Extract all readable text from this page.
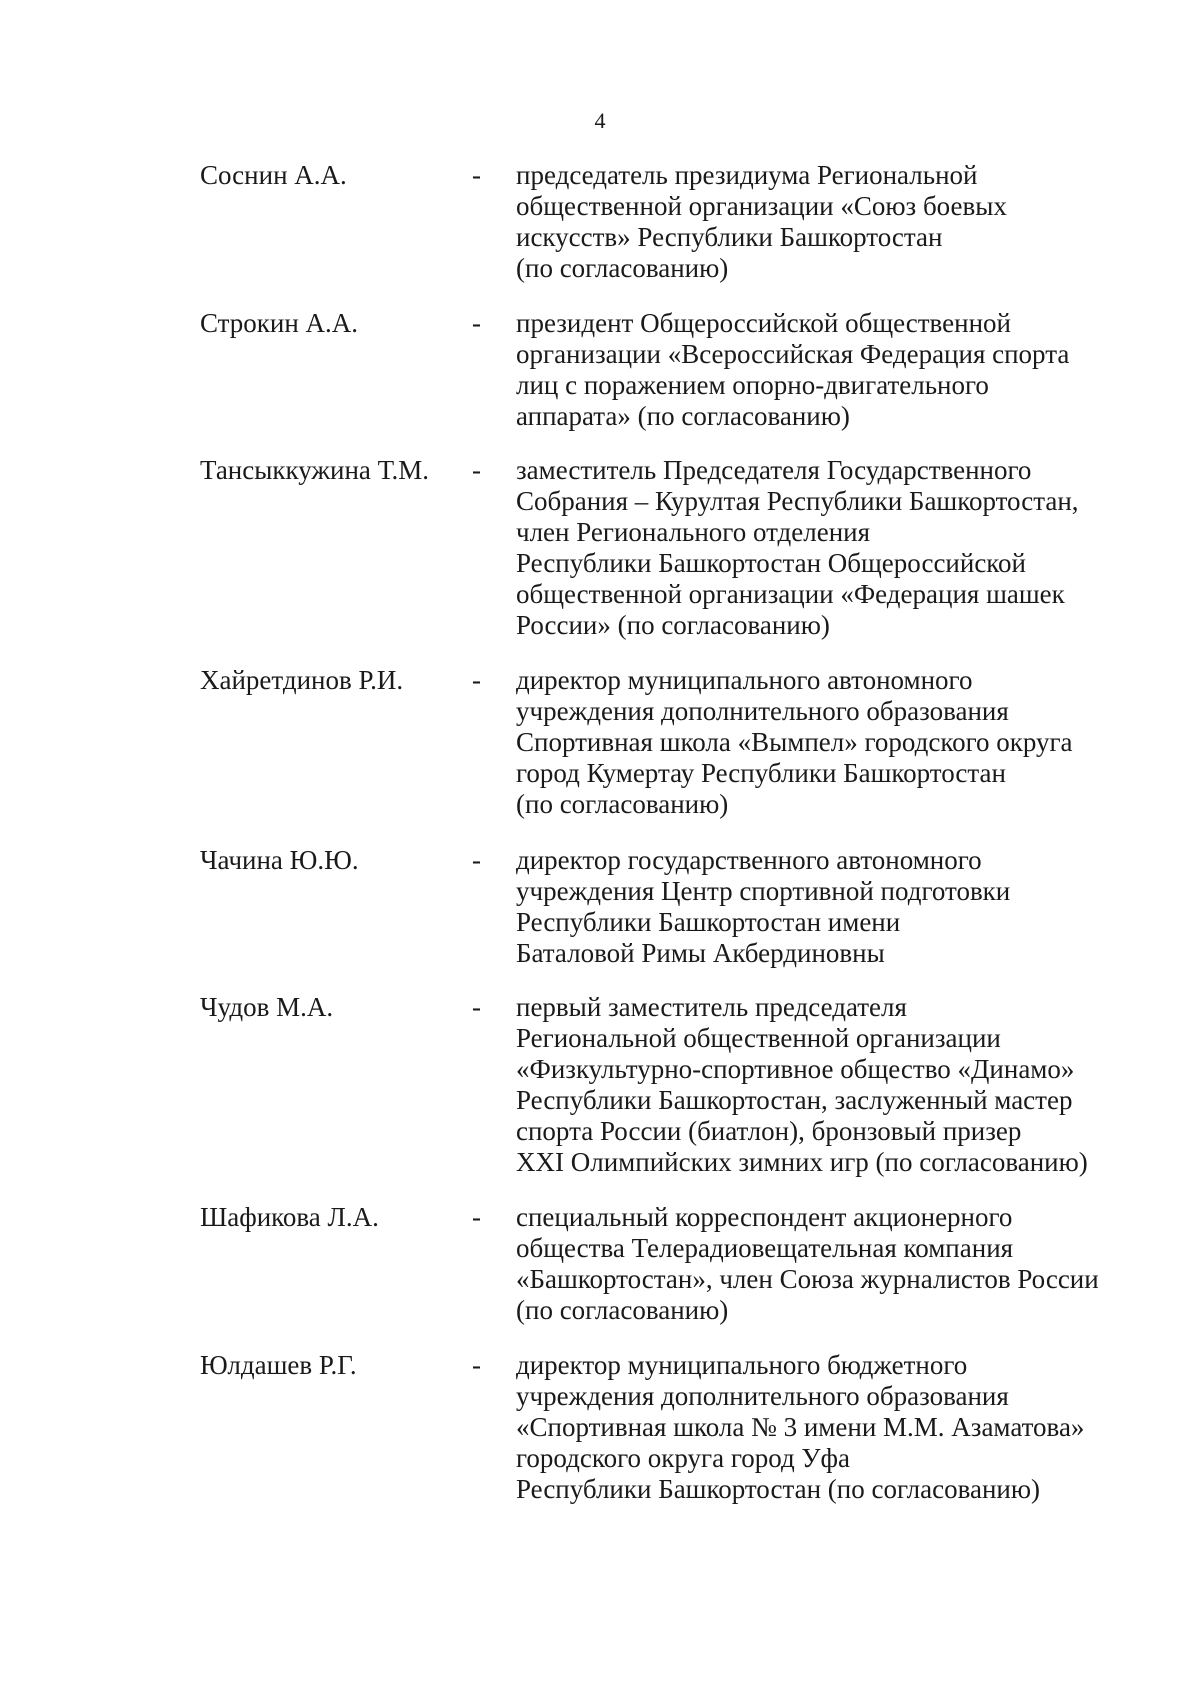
4
Соснин А.А.	- председатель президиума Региональной
общественной организации «Союз боевых
искусств» Республики Башкортостан
(по согласованию)
Строкин А.А.	- президент Общероссийской общественной
организации «Всероссийская Федерация спорта
лиц с поражением опорно-двигательного
аппарата» (по согласованию)
Тансыккужина Т.М. - заместитель Председателя Государственного
Собрания – Курултая Республики Башкортостан,
член Регионального отделения
Республики Башкортостан Общероссийской
общественной организации «Федерация шашек
России» (по согласованию)
Хайретдинов Р.И.	- директор муниципального автономного
учреждения дополнительного образования
Спортивная школа «Вымпел» городского округа
город Кумертау Республики Башкортостан
(по согласованию)
Чачина Ю.Ю.	- директор государственного автономного
учреждения Центр спортивной подготовки
Республики Башкортостан имени
Баталовой Римы Акбердиновны
Чудов М.А.	- первый заместитель председателя
Региональной общественной организации
«Физкультурно-спортивное общество «Динамо»
Республики Башкортостан, заслуженный мастер
спорта России (биатлон), бронзовый призер
XXI Олимпийских зимних игр (по согласованию)
Шафикова Л.А.	- специальный корреспондент акционерного
общества Телерадиовещательная компания
«Башкортостан», член Союза журналистов России
(по согласованию)
Юлдашев Р.Г.	- директор муниципального бюджетного
учреждения дополнительного образования
«Спортивная школа № 3 имени М.М. Азаматова»
городского округа город Уфа
Республики Башкортостан (по согласованию)
